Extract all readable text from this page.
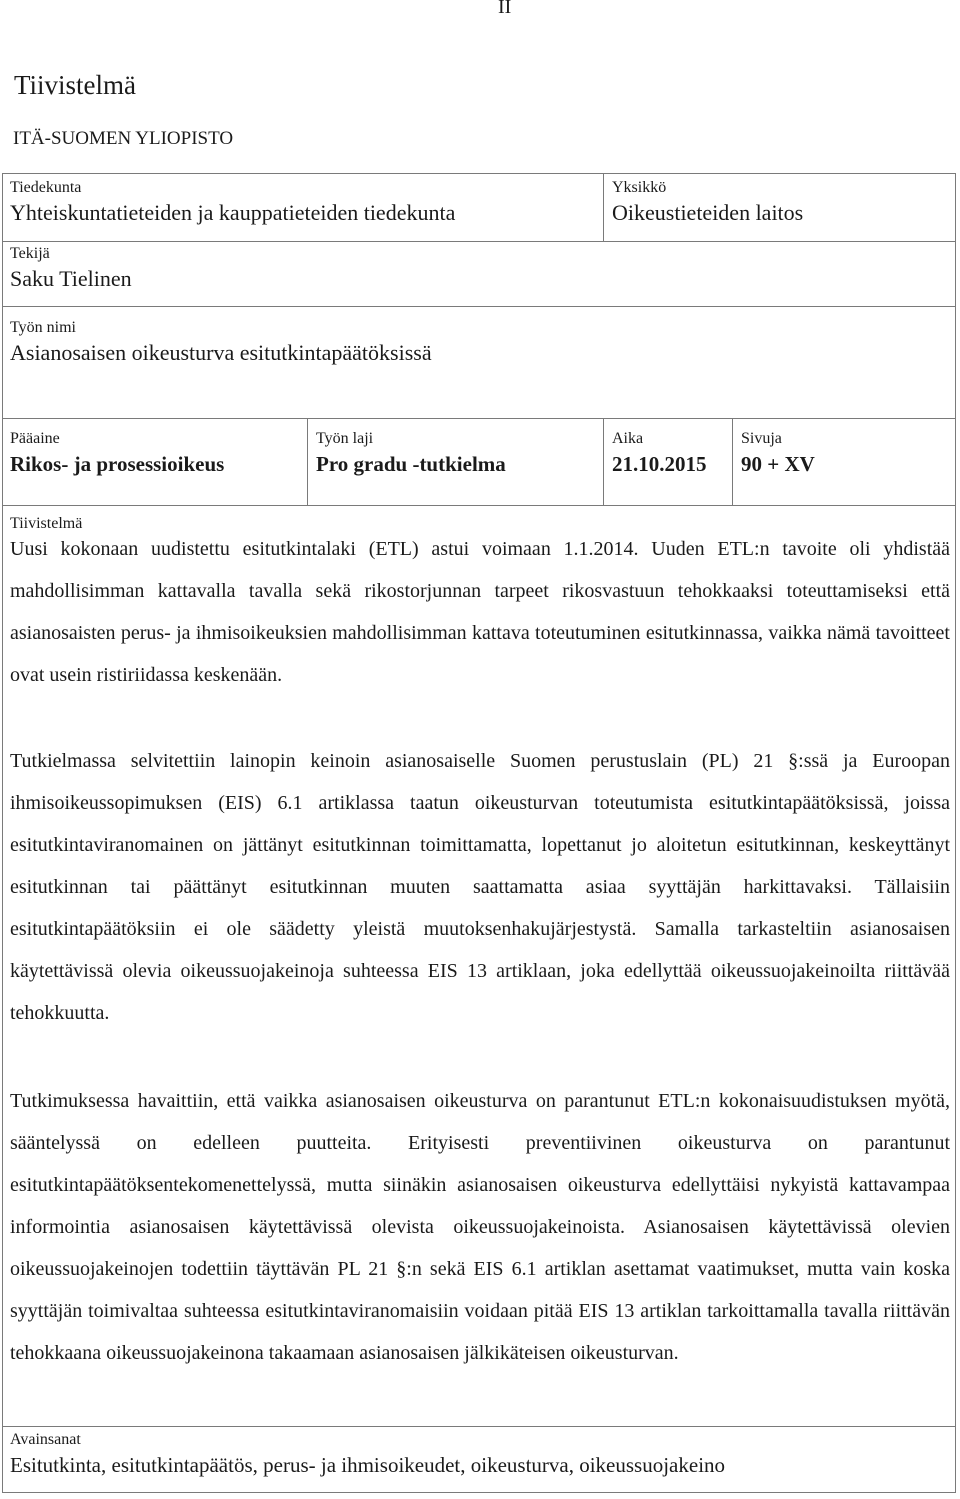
II
Tiivistelmä
ITÄ-SUOMEN YLIOPISTO
Tiedekunta
Yhteiskuntatieteiden ja kauppatieteiden tiedekunta
Yksikkö
Oikeustieteiden laitos
Tekijä
Saku Tielinen
Työn nimi
Asianosaisen oikeusturva esitutkintapäätöksissä
Pääaine
Rikos- ja prosessioikeus
Työn laji
Pro gradu -tutkielma
Aika
21.10.2015
Sivuja
90 + XV
Tiivistelmä

Uusi kokonaan uudistettu esitutkintalaki (ETL) astui voimaan 1.1.2014. Uuden ETL:n tavoite oli yhdistää mahdollisimman kattavalla tavalla sekä rikostorjunnan tarpeet rikosvastuun tehokkaaksi toteuttamiseksi että asianosaisten perus- ja ihmisoikeuksien mahdollisimman kattava toteutuminen esitutkinnassa, vaikka nämä tavoitteet ovat usein ristiriidassa keskenään.

Tutkielmassa selvitettiin lainopin keinoin asianosaiselle Suomen perustuslain (PL) 21 §:ssä ja Euroopan ihmisoikeussopimuksen (EIS) 6.1 artiklassa taatun oikeusturvan toteutumista esitutkintapäätöksissä, joissa esitutkintaviranomainen on jättänyt esitutkinnan toimittamatta, lopettanut jo aloitetun esitutkinnan, keskeyttänyt esitutkinnan tai päättänyt esitutkinnan muuten saattamatta asiaa syyttäjän harkittavaksi. Tällaisiin esitutkintapäätöksiin ei ole säädetty yleistä muutoksenhakujärjestystä. Samalla tarkasteltiin asianosaisen käytettävissä olevia oikeussuojakeinoja suhteessa EIS 13 artiklaan, joka edellyttää oikeussuojakeinoilta riittävää tehokkuutta.

Tutkimuksessa havaittiin, että vaikka asianosaisen oikeusturva on parantunut ETL:n kokonaisuudistuksen myötä, sääntelyssä on edelleen puutteita. Erityisesti preventiivinen oikeusturva on parantunut esitutkintapäätöksentekomenettelyssä, mutta siinäkin asianosaisen oikeusturva edellyttäisi nykyistä kattavampaa informointia asianosaisen käytettävissä olevista oikeussuojakeinoista. Asianosaisen käytettävissä olevien oikeussuojakeinojen todettiin täyttävän PL 21 §:n sekä EIS 6.1 artiklan asettamat vaatimukset, mutta vain koska syyttäjän toimivaltaa suhteessa esitutkintaviranomaisiin voidaan pitää EIS 13 artiklan tarkoittamalla tavalla riittävän tehokkaana oikeussuojakeinona takaamaan asianosaisen jälkikäteisen oikeusturvan.

Avainsanat
Esitutkinta, esitutkintapäätös, perus- ja ihmisoikeudet, oikeusturva, oikeussuojakeino
